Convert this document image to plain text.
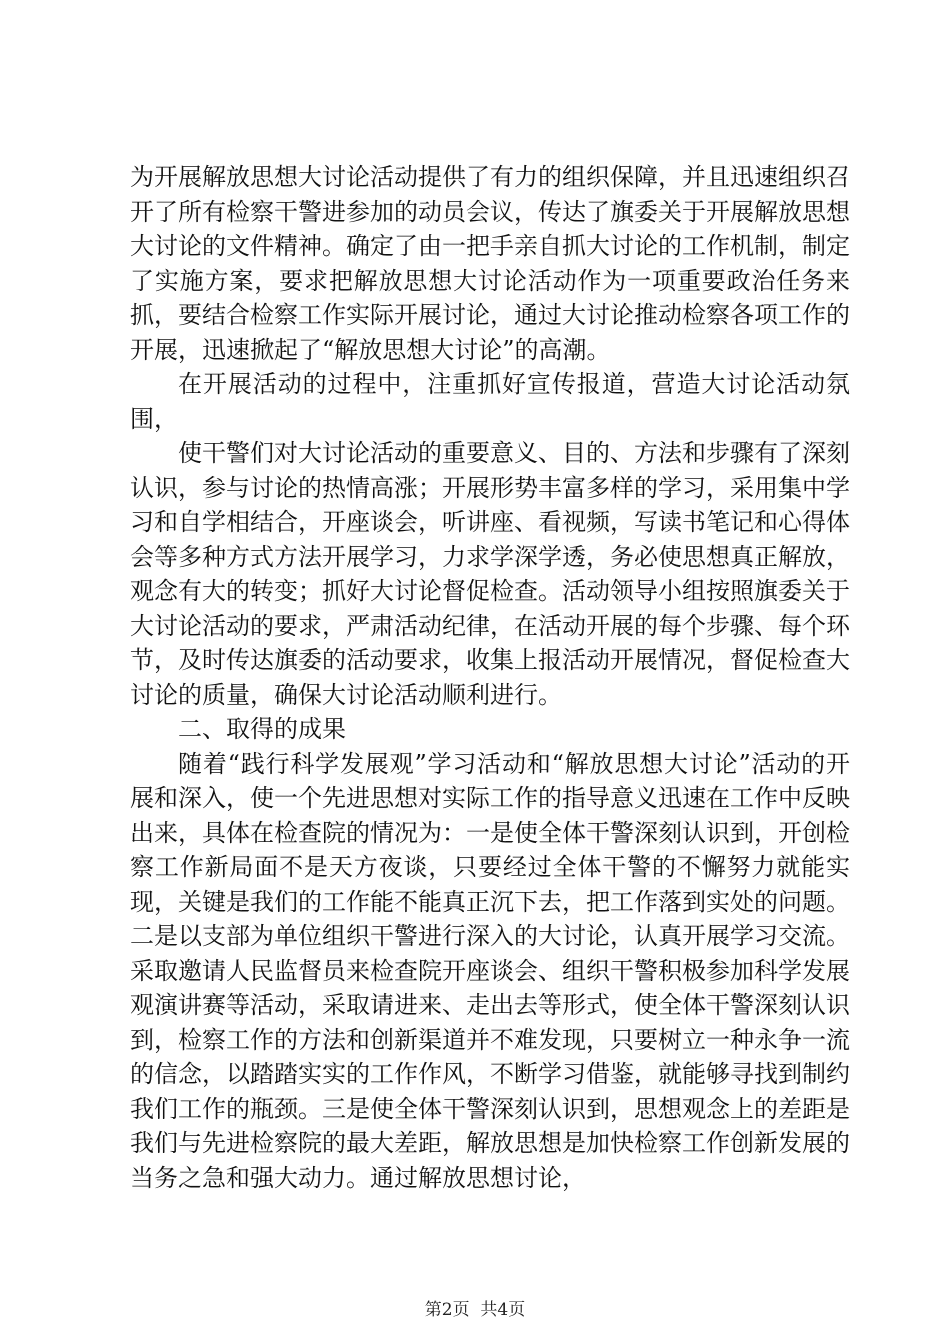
为开展解放思想大讨论活动提供了有力的组织保障，并且迅速组织召开了所有检察干警进参加的动员会议，传达了旗委关于开展解放思想大讨论的文件精神。确定了由一把手亲自抓大讨论的工作机制，制定了实施方案，要求把解放思想大讨论活动作为一项重要政治任务来抓，要结合检察工作实际开展讨论，通过大讨论推动检察各项工作的开展，迅速掀起了“解放思想大讨论”的高潮。

在开展活动的过程中，注重抓好宣传报道，营造大讨论活动氛围，

使干警们对大讨论活动的重要意义、目的、方法和步骤有了深刻认识，参与讨论的热情高涨；开展形势丰富多样的学习，采用集中学习和自学相结合，开座谈会，听讲座、看视频，写读书笔记和心得体会等多种方式方法开展学习，力求学深学透，务必使思想真正解放，观念有大的转变；抓好大讨论督促检查。活动领导小组按照旗委关于大讨论活动的要求，严肃活动纪律，在活动开展的每个步骤、每个环节，及时传达旗委的活动要求，收集上报活动开展情况，督促检查大讨论的质量，确保大讨论活动顺利进行。

二、取得的成果

随着“践行科学发展观”学习活动和“解放思想大讨论”活动的开展和深入，使一个先进思想对实际工作的指导意义迅速在工作中反映出来，具体在检查院的情况为：一是使全体干警深刻认识到，开创检察工作新局面不是天方夜谈，只要经过全体干警的不懈努力就能实现，关键是我们的工作能不能真正沉下去，把工作落到实处的问题。二是以支部为单位组织干警进行深入的大讨论，认真开展学习交流。采取邀请人民监督员来检查院开座谈会、组织干警积极参加科学发展观演讲赛等活动，采取请进来、走出去等形式，使全体干警深刻认识到，检察工作的方法和创新渠道并不难发现，只要树立一种永争一流的信念，以踏踏实实的工作作风，不断学习借鉴，就能够寻找到制约我们工作的瓶颈。三是使全体干警深刻认识到，思想观念上的差距是我们与先进检察院的最大差距，解放思想是加快检察工作创新发展的当务之急和强大动力。通过解放思想讨论，

第2页  共4页
